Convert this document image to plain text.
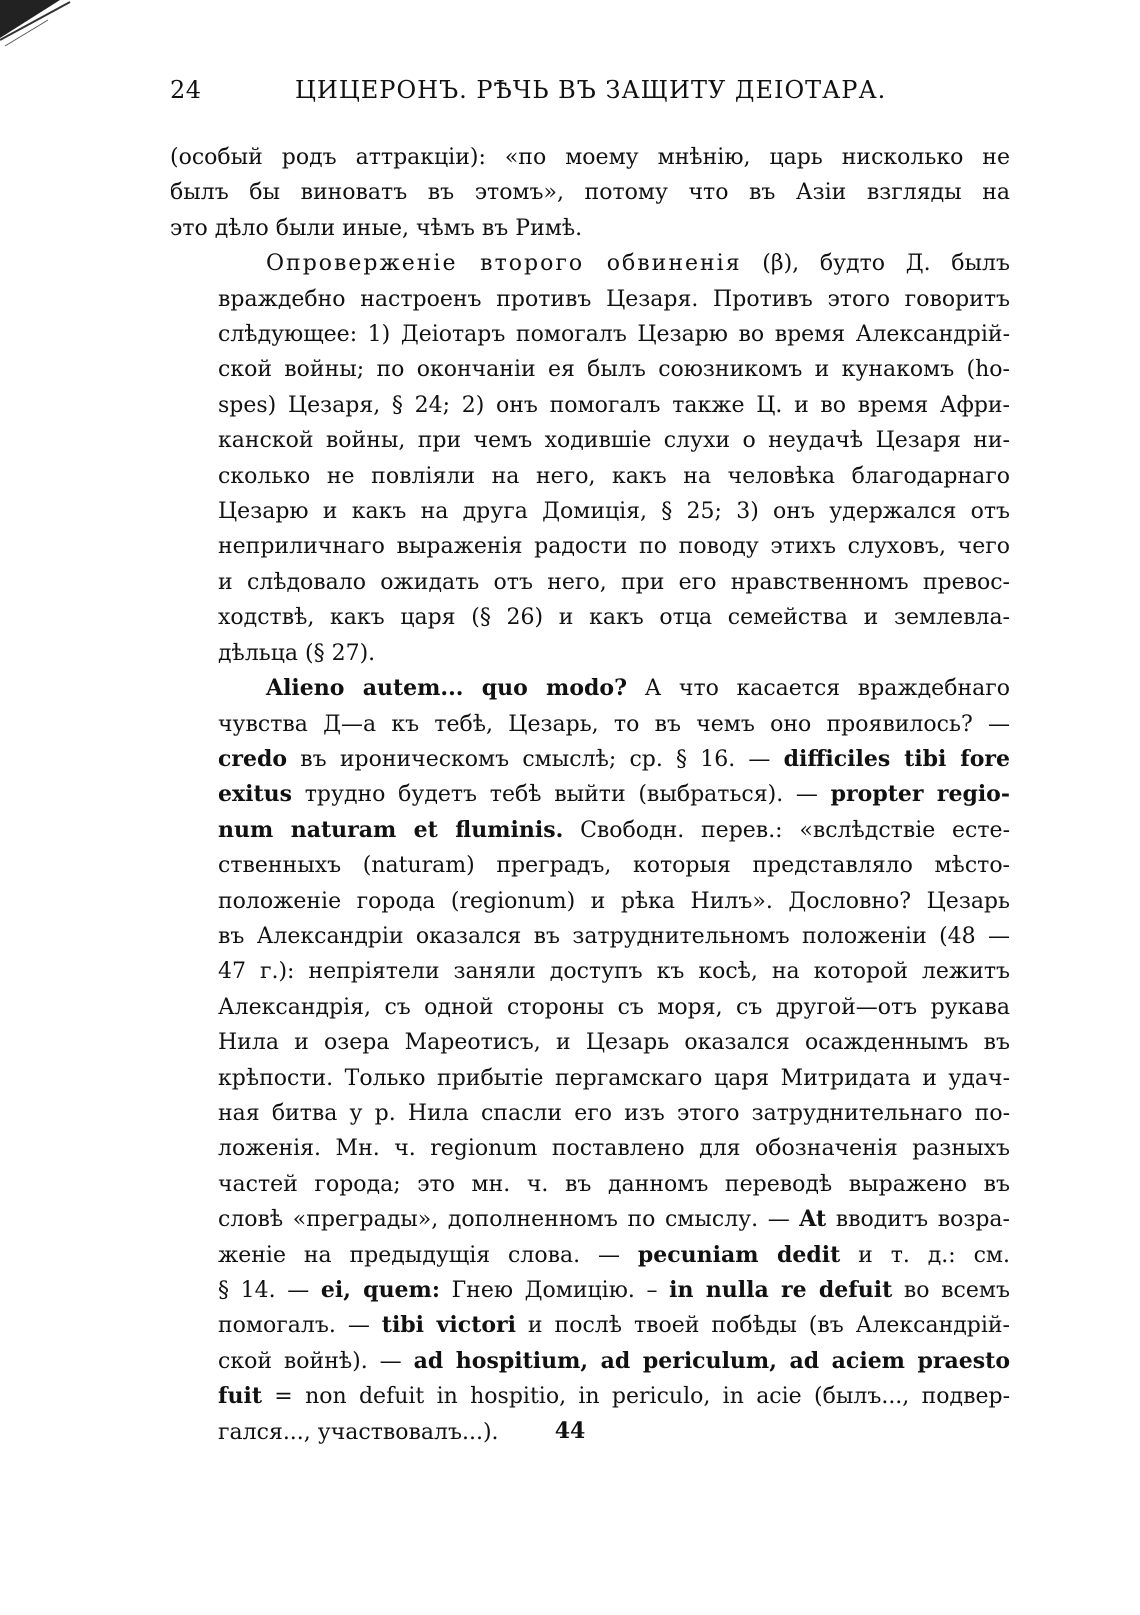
24	ЦИЦЕРОНЪ. РѢЧЬ ВЪ ЗАЩИТУ ДЕІОТАРА.

(особый родъ аттракціи): «по моему мнѣнію, царь нисколько не
былъ бы виноватъ въ этомъ», потому что въ Азіи взгляды на
это дѣло были иные, чѣмъ въ Римѣ.

Опроверженіе второго обвиненія (β), будто Д. былъ
враждебно настроенъ противъ Цезаря. Противъ этого говоритъ
слѣдующее: 1) Деіотаръ помогалъ Цезарю во время Александрій-
ской войны; по окончаніи ея былъ союзникомъ и кунакомъ (ho-
spes) Цезаря, § 24; 2) онъ помогалъ также Ц. и во время Афри-
канской войны, при чемъ ходившіе слухи о неудачѣ Цезаря ни-
сколько не повліяли на него, какъ на человѣка благодарнаго
Цезарю и какъ на друга Домиція, § 25; 3) онъ удержался отъ
неприличнаго выраженія радости по поводу этихъ слуховъ, чего
и слѣдовало ожидать отъ него, при его нравственномъ превос-
ходствѣ, какъ царя (§ 26) и какъ отца семейства и землевла-
дѣльца (§ 27).

Alieno autem... quo modo? А что касается враждебнаго
чувства Д—а къ тебѣ, Цезарь, то въ чемъ оно проявилось? —
credo въ ироническомъ смыслѣ; ср. § 16. — difficiles tibi fore
exitus трудно будетъ тебѣ выйти (выбраться). — propter regio-
num naturam et fluminis. Свободн. перев.: «вслѣдствіе есте-
ственныхъ (naturam) преградъ, которыя представляло мѣсто-
положеніе города (regionum) и рѣка Нилъ». Дословно? Цезарь
въ Александріи оказался въ затруднительномъ положеніи (48 —
47 г.): непріятели заняли доступъ къ косѣ, на которой лежитъ
Александрія, съ одной стороны съ моря, съ другой—отъ рукава
Нила и озера Мареотисъ, и Цезарь оказался осажденнымъ въ
крѣпости. Только прибытіе пергамскаго царя Митридата и удач-
ная битва у р. Нила спасли его изъ этого затруднительнаго по-
ложенія. Мн. ч. regionum поставлено для обозначенія разныхъ
частей города; это мн. ч. въ данномъ переводѣ выражено въ
словѣ «преграды», дополненномъ по смыслу. — At вводитъ возра-
женіе на предыдущія слова. — pecuniam dedit и т. д.: см.
§ 14. — ei, quem: Гнею Домицію. – in nulla re defuit во всемъ
помогалъ. — tibi victori и послѣ твоей побѣды (въ Александрій-
ской войнѣ). — ad hospitium, ad periculum, ad aciem praesto
fuit = non defuit in hospitio, in periculo, in acie (былъ..., подвер-
гался..., участвовалъ...).	44
